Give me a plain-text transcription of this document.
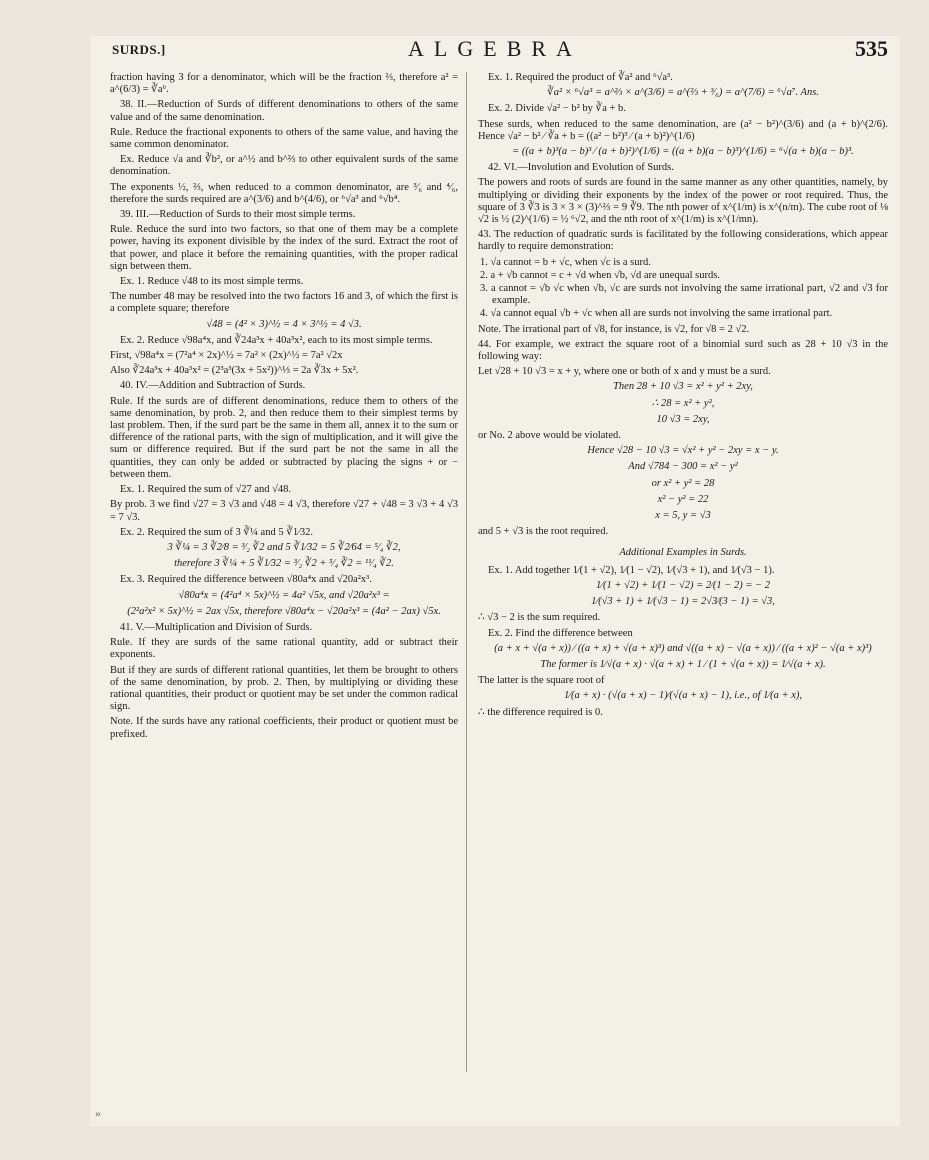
SURDS.]	ALGEBRA	535

fraction having 3 for a denominator, which will be the fraction ⅔, therefore a² = a^(6/3) = ∛a⁶.

38. II.—Reduction of Surds of different denominations to others of the same value and of the same denomination.

Rule. Reduce the fractional exponents to others of the same value, and having the same common denominator.

Ex. Reduce √a and ∛b², or a^½ and b^⅔ to other equivalent surds of the same denomination.

The exponents ½, ⅔, when reduced to a common denominator, are ³⁄₆ and ⁴⁄₆, therefore the surds required are a^(3/6) and b^(4/6), or ⁶√a³ and ⁶√b⁴.

39. III.—Reduction of Surds to their most simple terms.

Rule. Reduce the surd into two factors, so that one of them may be a complete power, having its exponent divisible by the index of the surd. Extract the root of that power, and place it before the remaining quantities, with the proper radical sign between them.

Ex. 1. Reduce √48 to its most simple terms.

The number 48 may be resolved into the two factors 16 and 3, of which the first is a complete square; therefore

√48 = (4² × 3)^½ = 4 × 3^½ = 4 √3.

Ex. 2. Reduce √98a⁴x, and ∛24a³x + 40a³x², each to its most simple terms.

First, √98a⁴x = (7²a⁴ × 2x)^½ = 7a² × (2x)^½ = 7a² √2x

Also ∛24a³x + 40a³x² = (2³a³(3x + 5x²))^⅓ = 2a ∛3x + 5x².

40. IV.—Addition and Subtraction of Surds.

Rule. If the surds are of different denominations, reduce them to others of the same denomination, by prob. 2, and then reduce them to their simplest terms by last problem. Then, if the surd part be the same in them all, annex it to the sum or difference of the rational parts, with the sign of multiplication, and it will give the sum or difference required. But if the surd part be not the same in all the quantities, they can only be added or subtracted by placing the signs + or − between them.

Ex. 1. Required the sum of √27 and √48.

By prob. 3 we find √27 = 3 √3 and √48 = 4 √3, therefore √27 + √48 = 3 √3 + 4 √3 = 7 √3.

Ex. 2. Required the sum of 3 ∛¼ and 5 ∛1⁄32.

3 ∛¼ = 3 ∛2⁄8 = ³⁄₂ ∛2 and 5 ∛1⁄32 = 5 ∛2⁄64 = ⁵⁄₄ ∛2,

therefore 3 ∛¼ + 5 ∛1⁄32 = ³⁄₂ ∛2 + ⁵⁄₄ ∛2 = ¹¹⁄₄ ∛2.

Ex. 3. Required the difference between √80a⁴x and √20a²x³.

√80a⁴x = (4²a⁴ × 5x)^½ = 4a² √5x, and √20a²x³ =

(2²a²x² × 5x)^½ = 2ax √5x, therefore √80a⁴x − √20a²x³ = (4a² − 2ax) √5x.

41. V.—Multiplication and Division of Surds.

Rule. If they are surds of the same rational quantity, add or subtract their exponents.

But if they are surds of different rational quantities, let them be brought to others of the same denomination, by prob. 2. Then, by multiplying or dividing these rational quantities, their product or quotient may be set under the common radical sign.

Note. If the surds have any rational coefficients, their product or quotient must be prefixed.

Ex. 1. Required the product of ∛a² and ⁶√a³.

∛a² × ⁶√a³ = a^⅔ × a^(3/6) = a^(⅔ + ³⁄₆) = a^(7/6) = ⁶√a⁷. Ans.

Ex. 2. Divide √a² − b² by ∛a + b.

These surds, when reduced to the same denomination, are (a² − b²)^(3/6) and (a + b)^(2/6). Hence √a² − b² ⁄ ∛a + b = ((a² − b²)³ ⁄ (a + b)²)^(1/6)

= ((a + b)³(a − b)³ ⁄ (a + b)²)^(1/6) = ((a + b)(a − b)³)^(1/6) = ⁶√(a + b)(a − b)³.

42. VI.—Involution and Evolution of Surds.

The powers and roots of surds are found in the same manner as any other quantities, namely, by multiplying or dividing their exponents by the index of the power or root required. Thus, the square of 3 ∛3 is 3 × 3 × (3)^⅔ = 9 ∛9. The nth power of x^(1/m) is x^(n/m). The cube root of ⅛ √2 is ½ (2)^(1/6) = ½ ⁶√2, and the nth root of x^(1/m) is x^(1/mn).

43. The reduction of quadratic surds is facilitated by the following considerations, which appear hardly to require demonstration:

1. √a cannot = b + √c, when √c is a surd.
2. a + √b cannot = c + √d when √b, √d are unequal surds.
3. a cannot = √b √c when √b, √c are surds not involving the same irrational part, √2 and √3 for example.
4. √a cannot equal √b + √c when all are surds not involving the same irrational part.

Note. The irrational part of √8, for instance, is √2, for √8 = 2 √2.

44. For example, we extract the square root of a binomial surd such as 28 + 10 √3 in the following way:

Let √28 + 10 √3 = x + y, where one or both of x and y must be a surd.

Then 28 + 10 √3 = x² + y² + 2xy,

∴ 28 = x² + y²,

10 √3 = 2xy,

or No. 2 above would be violated.

Hence √28 − 10 √3 = √x² + y² − 2xy = x − y.

And √784 − 300 = x² − y²

or x² + y² = 28

x² − y² = 22

x = 5, y = √3

and 5 + √3 is the root required.

Additional Examples in Surds.

Ex. 1. Add together 1⁄(1 + √2), 1⁄(1 − √2), 1⁄(√3 + 1), and 1⁄(√3 − 1).

1⁄(1 + √2) + 1⁄(1 − √2) = 2⁄(1 − 2) = − 2

1⁄(√3 + 1) + 1⁄(√3 − 1) = 2√3⁄(3 − 1) = √3,

∴ √3 − 2 is the sum required.

Ex. 2. Find the difference between

(a + x + √(a + x)) ⁄ ((a + x) + √(a + x)³) and √((a + x) − √(a + x)) ⁄ ((a + x)² − √(a + x)³)

The former is 1⁄√(a + x) · √(a + x) + 1 ⁄ (1 + √(a + x)) = 1⁄√(a + x).

The latter is the square root of

1⁄(a + x) · (√(a + x) − 1)⁄(√(a + x) − 1), i.e., of 1⁄(a + x),

∴ the difference required is 0.

»
